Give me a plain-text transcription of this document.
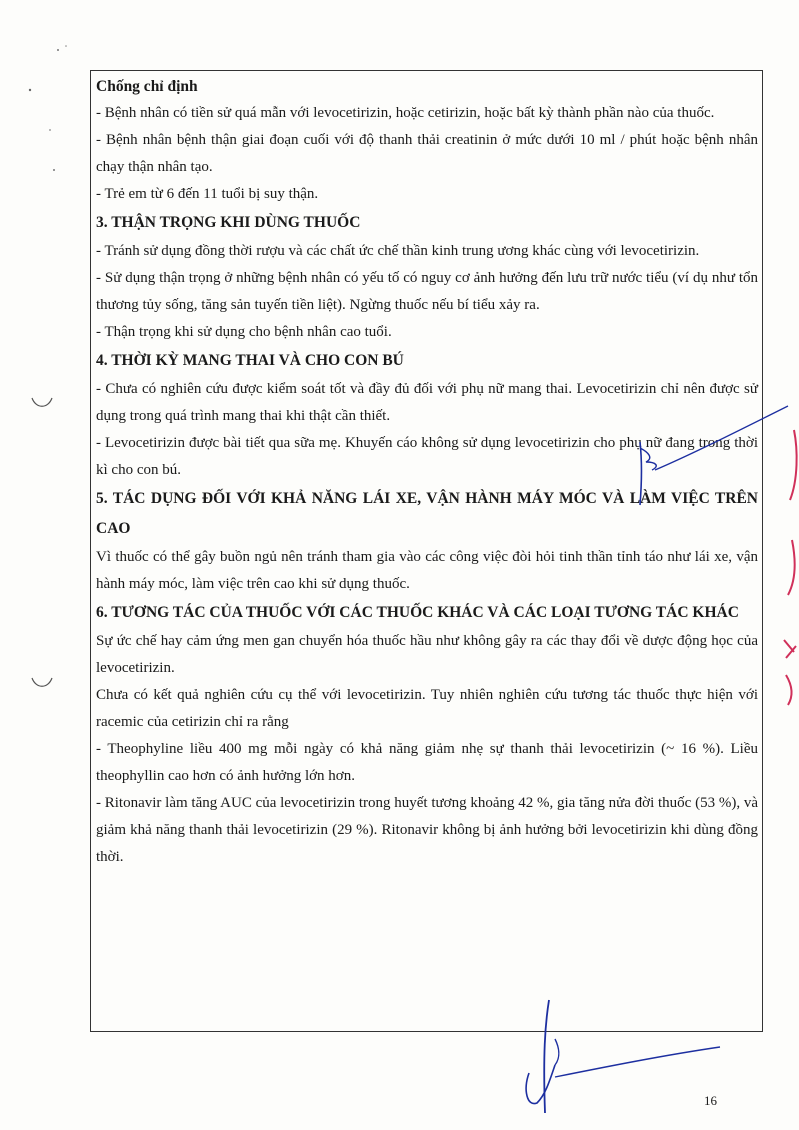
Chống chỉ định

- Bệnh nhân có tiền sử quá mẫn với levocetirizin, hoặc cetirizin, hoặc bất kỳ thành phần nào của thuốc.

- Bệnh nhân bệnh thận giai đoạn cuối với độ thanh thải creatinin ở mức dưới 10 ml / phút hoặc bệnh nhân chạy thận nhân tạo.

- Trẻ em từ 6 đến 11 tuổi bị suy thận.

3. THẬN TRỌNG KHI DÙNG THUỐC

- Tránh sử dụng đồng thời rượu và các chất ức chế thần kinh trung ương khác cùng với levocetirizin.

- Sử dụng thận trọng ở những bệnh nhân có yếu tố có nguy cơ ảnh hưởng đến lưu trữ nước tiểu (ví dụ như tổn thương tủy sống, tăng sản tuyến tiền liệt). Ngừng thuốc nếu bí tiểu xảy ra.

- Thận trọng khi sử dụng cho bệnh nhân cao tuổi.

4. THỜI KỲ MANG THAI VÀ CHO CON BÚ

- Chưa có nghiên cứu được kiểm soát tốt và đầy đủ đối với phụ nữ mang thai. Levocetirizin chỉ nên được sử dụng trong quá trình mang thai khi thật cần thiết.

- Levocetirizin được bài tiết qua sữa mẹ. Khuyến cáo không sử dụng levocetirizin cho phụ nữ đang trong thời kì cho con bú.

5. TÁC DỤNG ĐỐI VỚI KHẢ NĂNG LÁI XE, VẬN HÀNH MÁY MÓC VÀ LÀM VIỆC TRÊN CAO

Vì thuốc có thể gây buồn ngủ nên tránh tham gia vào các công việc đòi hỏi tinh thần tỉnh táo như lái xe, vận hành máy móc, làm việc trên cao khi sử dụng thuốc.

6. TƯƠNG TÁC CỦA THUỐC VỚI CÁC THUỐC KHÁC VÀ CÁC LOẠI TƯƠNG TÁC KHÁC

Sự ức chế hay cảm ứng men gan chuyển hóa thuốc hầu như không gây ra các thay đổi về dược động học của levocetirizin.

Chưa có kết quả nghiên cứu cụ thể với levocetirizin. Tuy nhiên nghiên cứu tương tác thuốc thực hiện với racemic của cetirizin chỉ ra rằng

- Theophyline liều 400 mg mỗi ngày có khả năng giảm nhẹ sự thanh thải levocetirizin (~ 16 %). Liều theophyllin cao hơn có ảnh hưởng lớn hơn.

- Ritonavir làm tăng AUC của levocetirizin trong huyết tương khoảng 42 %, gia tăng nửa đời thuốc (53 %), và giảm khả năng thanh thải levocetirizin (29 %). Ritonavir không bị ảnh hưởng bởi levocetirizin khi dùng đồng thời.

16
